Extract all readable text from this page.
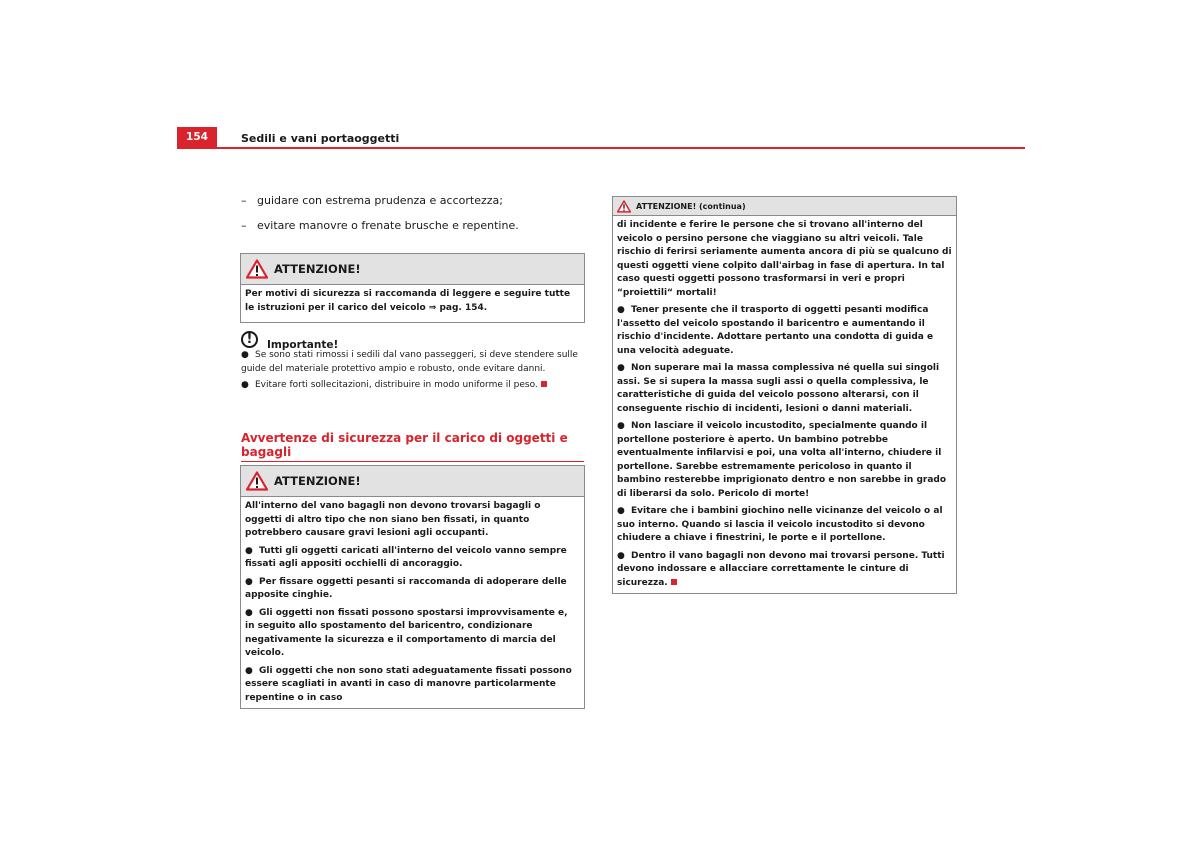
154	Sedili e vani portaoggetti
– guidare con estrema prudenza e accortezza;
– evitare manovre o frenate brusche e repentine.
ATTENZIONE!

Per motivi di sicurezza si raccomanda di leggere e seguire tutte le istruzioni per il carico del veicolo ⇒ pag. 154.

!	Importante!

● Se sono stati rimossi i sedili dal vano passeggeri, si deve stendere sulle guide del materiale protettivo ampio e robusto, onde evitare danni.

● Evitare forti sollecitazioni, distribuire in modo uniforme il peso.

Avvertenze di sicurezza per il carico di oggetti e bagagli
ATTENZIONE!

All'interno del vano bagagli non devono trovarsi bagagli o oggetti di altro tipo che non siano ben fissati, in quanto potrebbero causare gravi lesioni agli occupanti.

● Tutti gli oggetti caricati all'interno del veicolo vanno sempre fissati agli appositi occhielli di ancoraggio.

● Per fissare oggetti pesanti si raccomanda di adoperare delle apposite cinghie.

● Gli oggetti non fissati possono spostarsi improvvisamente e, in seguito allo spostamento del baricentro, condizionare negativamente la sicurezza e il comportamento di marcia del veicolo.

● Gli oggetti che non sono stati adeguatamente fissati possono essere scagliati in avanti in caso di manovre particolarmente repentine o in caso

ATTENZIONE! (continua)

di incidente e ferire le persone che si trovano all'interno del veicolo o persino persone che viaggiano su altri veicoli. Tale rischio di ferirsi seriamente aumenta ancora di più se qualcuno di questi oggetti viene colpito dall'airbag in fase di apertura. In tal caso questi oggetti possono trasformarsi in veri e propri “proiettili“ mortali!

● Tener presente che il trasporto di oggetti pesanti modifica l'assetto del veicolo spostando il baricentro e aumentando il rischio d'incidente. Adottare pertanto una condotta di guida e una velocità adeguate.

● Non superare mai la massa complessiva né quella sui singoli assi. Se si supera la massa sugli assi o quella complessiva, le caratteristiche di guida del veicolo possono alterarsi, con il conseguente rischio di incidenti, lesioni o danni materiali.

● Non lasciare il veicolo incustodito, specialmente quando il portellone posteriore è aperto. Un bambino potrebbe eventualmente infilarvisi e poi, una volta all'interno, chiudere il portellone. Sarebbe estremamente pericoloso in quanto il bambino resterebbe imprigionato dentro e non sarebbe in grado di liberarsi da solo. Pericolo di morte!

● Evitare che i bambini giochino nelle vicinanze del veicolo o al suo interno. Quando si lascia il veicolo incustodito si devono chiudere a chiave i finestrini, le porte e il portellone.

● Dentro il vano bagagli non devono mai trovarsi persone. Tutti devono indossare e allacciare correttamente le cinture di sicurezza.
